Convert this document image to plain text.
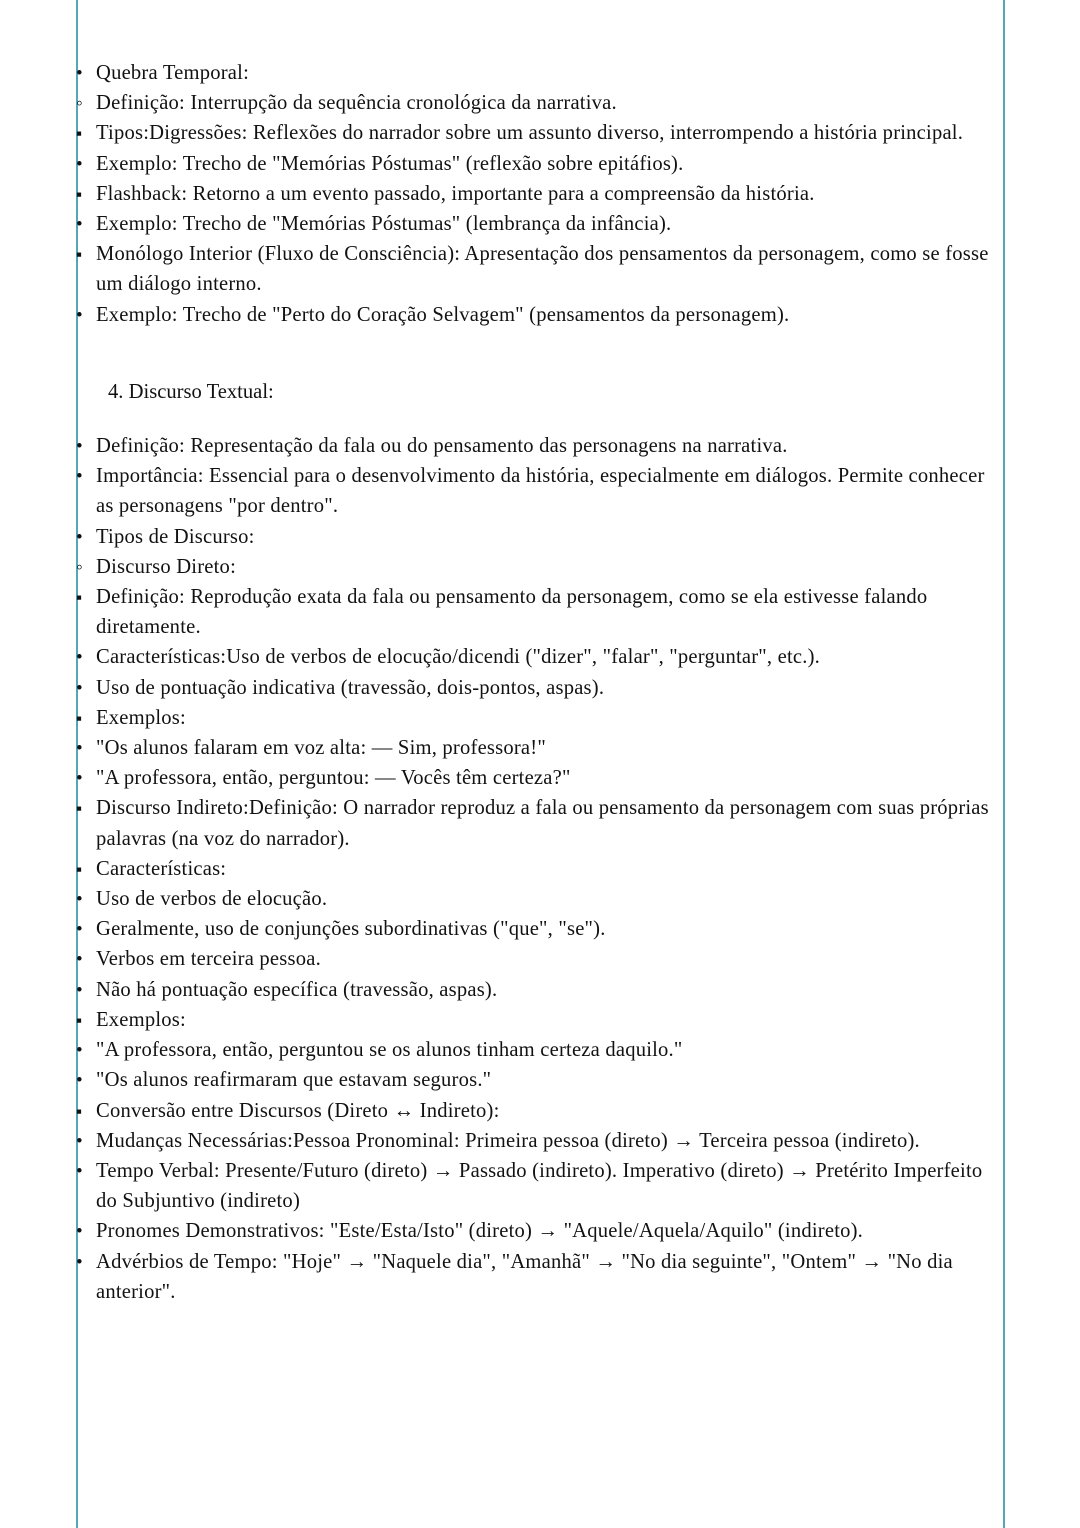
•
Quebra Temporal:
◦
Definição: Interrupção da sequência cronológica da narrativa.
▪
Tipos:Digressões: Reflexões do narrador sobre um assunto diverso, interrompendo a história principal.
•
Exemplo: Trecho de "Memórias Póstumas" (reflexão sobre epitáfios).
▪
Flashback: Retorno a um evento passado, importante para a compreensão da história.
•
Exemplo: Trecho de "Memórias Póstumas" (lembrança da infância).
▪
Monólogo Interior (Fluxo de Consciência): Apresentação dos pensamentos da personagem, como se fosse um diálogo interno.
•
Exemplo: Trecho de "Perto do Coração Selvagem" (pensamentos da personagem).

4. Discurso Textual:

•
Definição: Representação da fala ou do pensamento das personagens na narrativa.
•
Importância: Essencial para o desenvolvimento da história, especialmente em diálogos. Permite conhecer as personagens "por dentro".
•
Tipos de Discurso:
◦
Discurso Direto:
▪
Definição: Reprodução exata da fala ou pensamento da personagem, como se ela estivesse falando diretamente.
•
Características:Uso de verbos de elocução/dicendi ("dizer", "falar", "perguntar", etc.).
•
Uso de pontuação indicativa (travessão, dois-pontos, aspas).
▪
Exemplos:
•
"Os alunos falaram em voz alta: — Sim, professora!"
•
"A professora, então, perguntou: — Vocês têm certeza?"
▪
Discurso Indireto:Definição: O narrador reproduz a fala ou pensamento da personagem com suas próprias palavras (na voz do narrador).
▪
Características:
•
Uso de verbos de elocução.
•
Geralmente, uso de conjunções subordinativas ("que", "se").
•
Verbos em terceira pessoa.
•
Não há pontuação específica (travessão, aspas).
▪
Exemplos:
•
"A professora, então, perguntou se os alunos tinham certeza daquilo."
•
"Os alunos reafirmaram que estavam seguros."
▪
Conversão entre Discursos (Direto ↔ Indireto):
•
Mudanças Necessárias:Pessoa Pronominal: Primeira pessoa (direto) → Terceira pessoa (indireto).
•
Tempo Verbal: Presente/Futuro (direto) → Passado (indireto). Imperativo (direto) → Pretérito Imperfeito do Subjuntivo (indireto)
•
Pronomes Demonstrativos: "Este/Esta/Isto" (direto) → "Aquele/Aquela/Aquilo" (indireto).
•
Advérbios de Tempo: "Hoje" → "Naquele dia", "Amanhã" → "No dia seguinte", "Ontem" → "No dia anterior".
